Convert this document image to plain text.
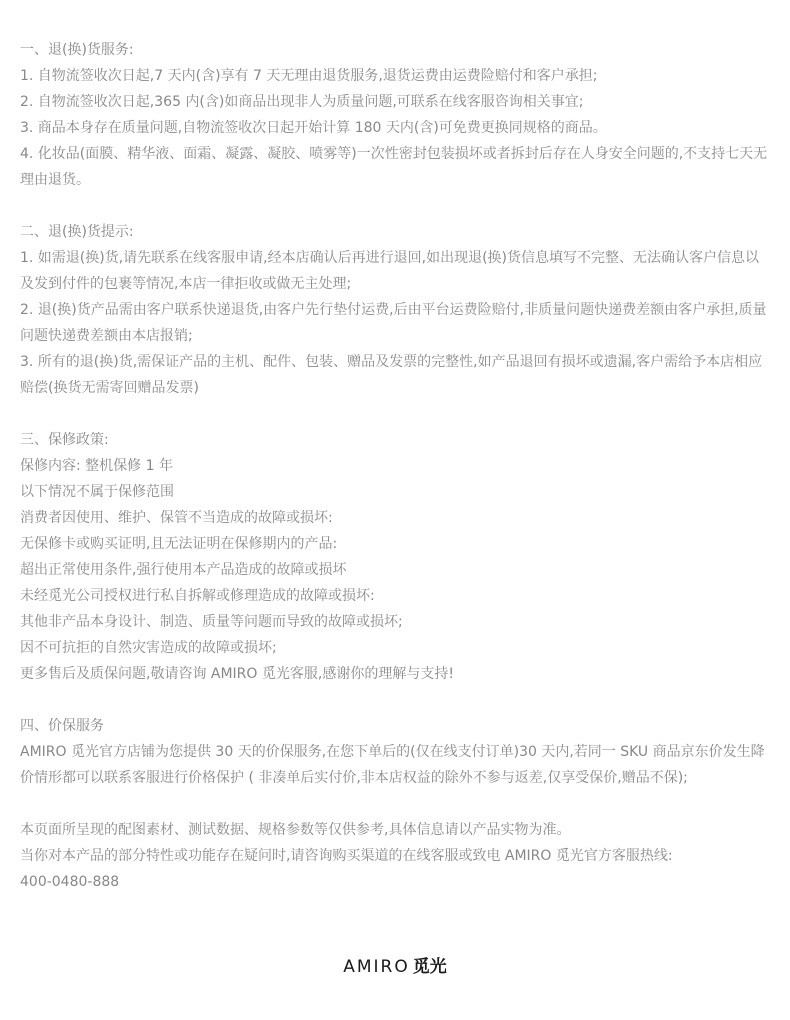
一、退(换)货服务:

1. 自物流签收次日起,7 天内(含)享有 7 天无理由退货服务,退货运费由运费险赔付和客户承担;

2. 自物流签收次日起,365 内(含)如商品出现非人为质量问题,可联系在线客服咨询相关事宜;

3. 商品本身存在质量问题,自物流签收次日起开始计算 180 天内(含)可免费更换同规格的商品。

4. 化妆品(面膜、精华液、面霜、凝露、凝胶、喷雾等)一次性密封包装损坏或者拆封后存在人身安全问题的,不支持七天无理由退货。

二、退(换)货提示:

1. 如需退(换)货,请先联系在线客服申请,经本店确认后再进行退回,如出现退(换)货信息填写不完整、无法确认客户信息以及发到付件的包裹等情况,本店一律拒收或做无主处理;

2. 退(换)货产品需由客户联系快递退货,由客户先行垫付运费,后由平台运费险赔付,非质量问题快递费差额由客户承担,质量问题快递费差额由本店报销;

3. 所有的退(换)货,需保证产品的主机、配件、包装、赠品及发票的完整性,如产品退回有损坏或遗漏,客户需给予本店相应赔偿(换货无需寄回赠品发票)

三、保修政策:

保修内容: 整机保修 1 年

以下情况不属于保修范围

消费者因使用、维护、保管不当造成的故障或损坏:

无保修卡或购买证明,且无法证明在保修期内的产品:

超出正常使用条件,强行使用本产品造成的故障或损坏

未经觅光公司授权进行私自拆解或修理造成的故障或损坏:

其他非产品本身设计、制造、质量等问题而导致的故障或损坏;

因不可抗拒的自然灾害造成的故障或损坏;

更多售后及质保问题,敬请咨询 AMIRO 觅光客服,感谢你的理解与支持!

四、价保服务

AMIRO 觅光官方店铺为您提供 30 天的价保服务,在您下单后的(仅在线支付订单)30 天内,若同一 SKU 商品京东价发生降价情形都可以联系客服进行价格保护 ( 非凑单后实付价,非本店权益的除外不参与返差,仅享受保价,赠品不保);

本页面所呈现的配图素材、测试数据、规格参数等仅供参考,具体信息请以产品实物为准。

当你对本产品的部分特性或功能存在疑问时,请咨询购买渠道的在线客服或致电 AMIRO 觅光官方客服热线:

400-0480-888

AMIRO 觅光
